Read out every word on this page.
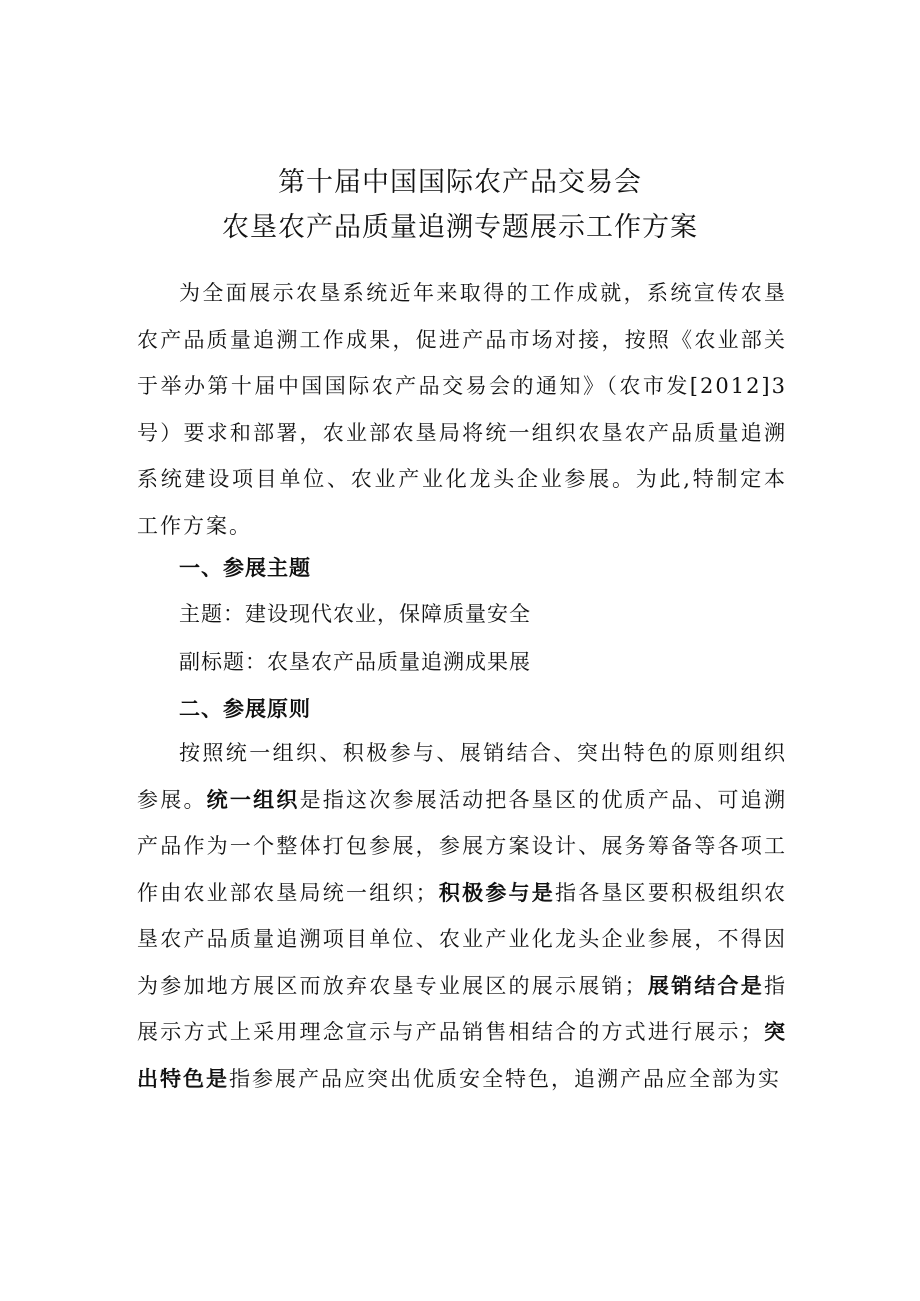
第十届中国国际农产品交易会
农垦农产品质量追溯专题展示工作方案

为全面展示农垦系统近年来取得的工作成就，系统宣传农垦农产品质量追溯工作成果，促进产品市场对接，按照《农业部关于举办第十届中国国际农产品交易会的通知》（农市发[2012]3号）要求和部署，农业部农垦局将统一组织农垦农产品质量追溯系统建设项目单位、农业产业化龙头企业参展。为此,特制定本工作方案。

一、参展主题
主题：建设现代农业，保障质量安全
副标题：农垦农产品质量追溯成果展
二、参展原则

按照统一组织、积极参与、展销结合、突出特色的原则组织参展。统一组织是指这次参展活动把各垦区的优质产品、可追溯产品作为一个整体打包参展，参展方案设计、展务筹备等各项工作由农业部农垦局统一组织；积极参与是指各垦区要积极组织农垦农产品质量追溯项目单位、农业产业化龙头企业参展，不得因为参加地方展区而放弃农垦专业展区的展示展销；展销结合是指展示方式上采用理念宣示与产品销售相结合的方式进行展示；突出特色是指参展产品应突出优质安全特色，追溯产品应全部为实
